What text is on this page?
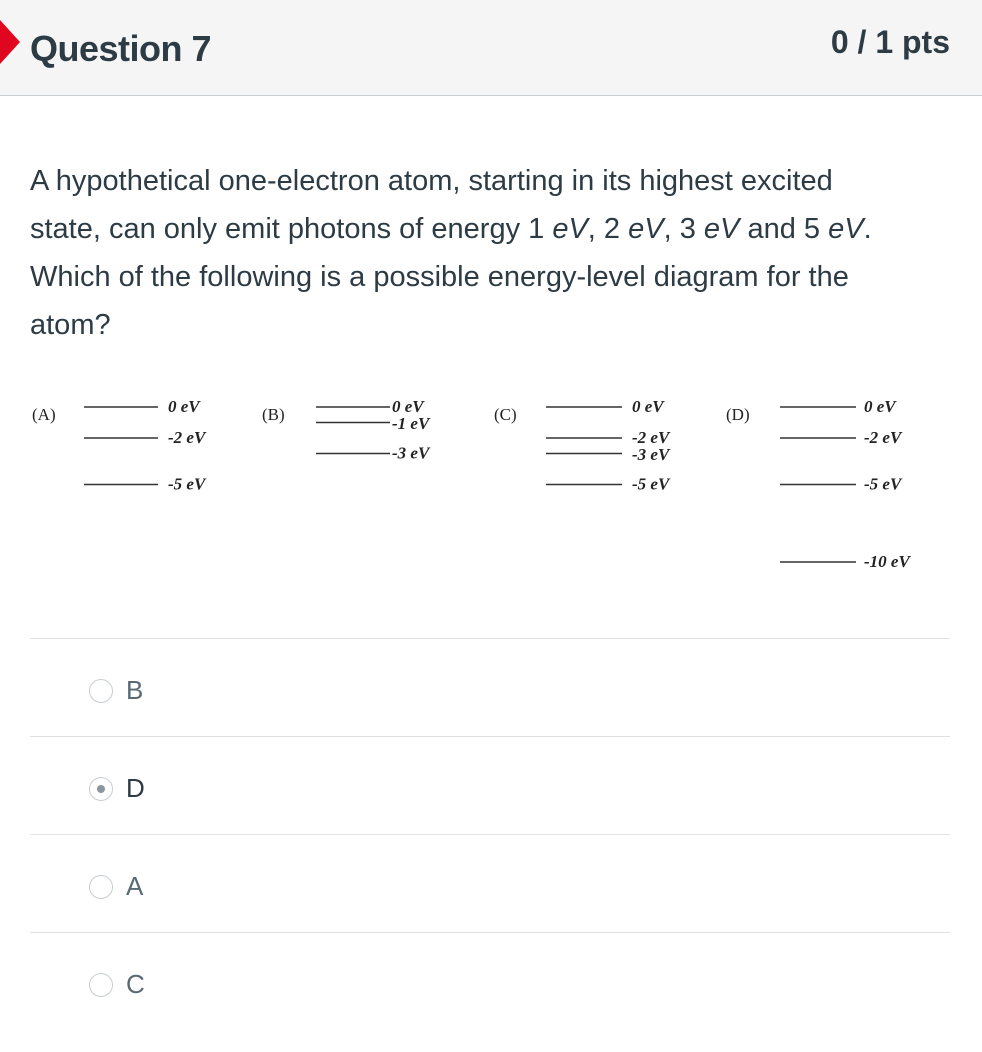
Question 7	0 / 1 pts

A hypothetical one-electron atom, starting in its highest excited
state, can only emit photons of energy 1 eV, 2 eV, 3 eV and 5 eV.
Which of the following is a possible energy-level diagram for the
atom?

(A)	0 eV
-2 eV
-5 eV
(B)	0 eV
-1 eV
-3 eV
(C)	0 eV
-2 eV
-3 eV
-5 eV
(D)	0 eV
-2 eV
-5 eV
-10 eV
B
D
A
C
